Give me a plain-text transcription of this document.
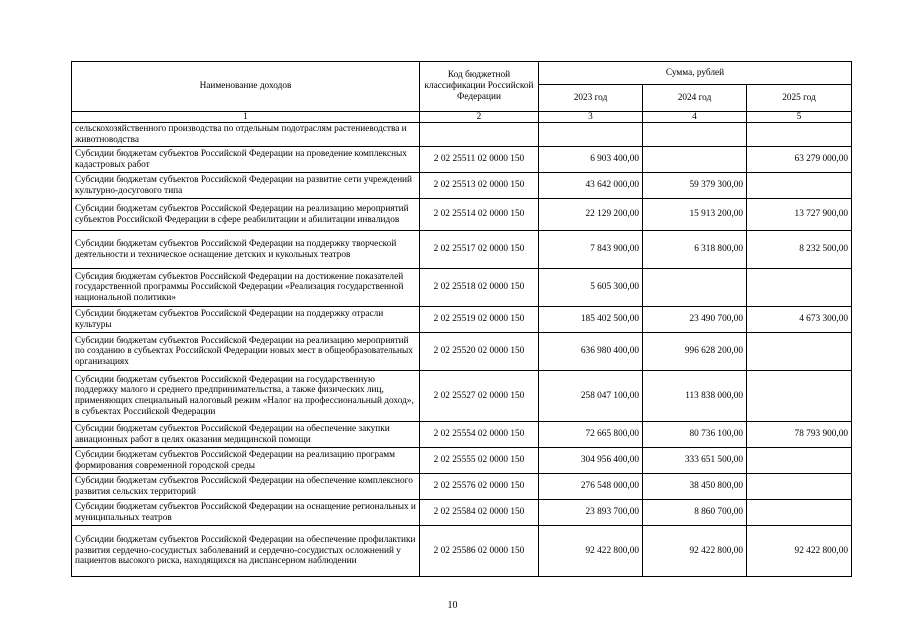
Наименование доходов	Код бюджетной классификации Российской Федерации	Сумма, рублей		
		2023 год	2024 год	2025 год
1	2	3	4	5
сельскохозяйственного производства по отдельным подотраслям растениеводства и животноводства				
Субсидии бюджетам субъектов Российской Федерации на проведение комплексных кадастровых работ	2 02 25511 02 0000 150	6 903 400,00		63 279 000,00
Субсидии бюджетам субъектов Российской Федерации на развитие сети учреждений культурно-досугового типа	2 02 25513 02 0000 150	43 642 000,00	59 379 300,00	
Субсидии бюджетам субъектов Российской Федерации на реализацию мероприятий субъектов Российской Федерации в сфере реабилитации и абилитации инвалидов	2 02 25514 02 0000 150	22 129 200,00	15 913 200,00	13 727 900,00
Субсидии бюджетам субъектов Российской Федерации на поддержку творческой деятельности и техническое оснащение детских и кукольных театров	2 02 25517 02 0000 150	7 843 900,00	6 318 800,00	8 232 500,00
Субсидия бюджетам субъектов Российской Федерации на достижение показателей государственной программы Российской Федерации «Реализация государственной национальной политики»	2 02 25518 02 0000 150	5 605 300,00		
Субсидии бюджетам субъектов Российской Федерации на поддержку отрасли культуры	2 02 25519 02 0000 150	185 402 500,00	23 490 700,00	4 673 300,00
Субсидии бюджетам субъектов Российской Федерации на реализацию мероприятий по созданию в субъектах Российской Федерации новых мест в общеобразовательных организациях	2 02 25520 02 0000 150	636 980 400,00	996 628 200,00	
Субсидии бюджетам субъектов Российской Федерации на государственную поддержку малого и среднего предпринимательства, а также физических лиц, применяющих специальный налоговый режим «Налог на профессиональный доход», в субъектах Российской Федерации	2 02 25527 02 0000 150	258 047 100,00	113 838 000,00	
Субсидии бюджетам субъектов Российской Федерации на обеспечение закупки авиационных работ в целях оказания медицинской помощи	2 02 25554 02 0000 150	72 665 800,00	80 736 100,00	78 793 900,00
Субсидии бюджетам субъектов Российской Федерации на реализацию программ формирования современной городской среды	2 02 25555 02 0000 150	304 956 400,00	333 651 500,00	
Субсидии бюджетам субъектов Российской Федерации на обеспечение комплексного развития сельских территорий	2 02 25576 02 0000 150	276 548 000,00	38 450 800,00	
Субсидии бюджетам субъектов Российской Федерации на оснащение региональных и муниципальных театров	2 02 25584 02 0000 150	23 893 700,00	8 860 700,00	
Субсидии бюджетам субъектов Российской Федерации на обеспечение профилактики развития сердечно-сосудистых заболеваний и сердечно-сосудистых осложнений у пациентов высокого риска, находящихся на диспансерном наблюдении	2 02 25586 02 0000 150	92 422 800,00	92 422 800,00	92 422 800,00
10
